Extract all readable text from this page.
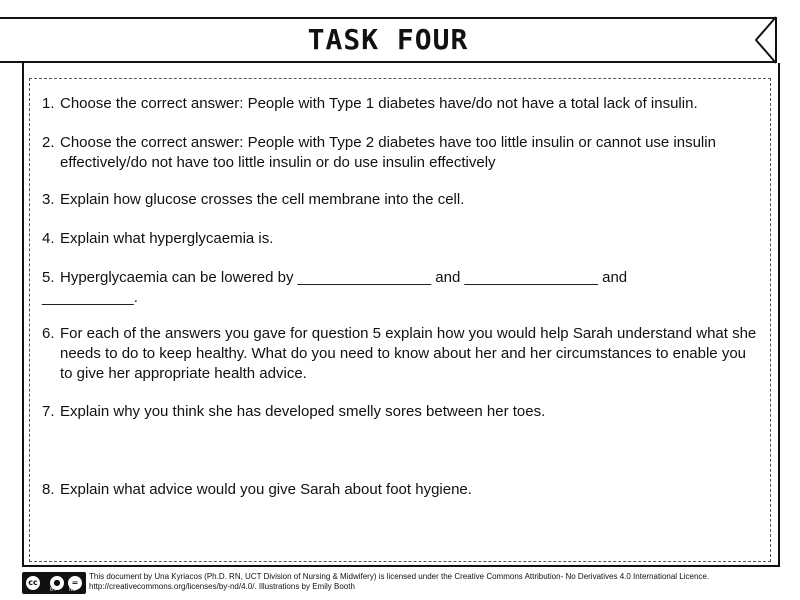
TASK FOUR
1. Choose the correct answer: People with Type 1 diabetes have/do not have a total lack of insulin.
2. Choose the correct answer: People with Type 2 diabetes have too little insulin or cannot use insulin effectively/do not have too little insulin or do use insulin effectively
3. Explain how glucose crosses the cell membrane into the cell.
4. Explain what hyperglycaemia is.
5. Hyperglycaemia can be lowered by ________________ and ________________ and ___________.
6. For each of the answers you gave for question 5 explain how you would help Sarah understand what she needs to do to keep healthy. What do you need to know about her and her circumstances to enable you to give her appropriate health advice.
7. Explain why you think she has developed smelly sores between her toes.
8. Explain what advice would you give Sarah about foot hygiene.
cc	●	=
BY ND
This document by Una Kyriacos (Ph.D. RN, UCT Division of Nursing & Midwifery) is licensed under the Creative Commons Attribution- No Derivatives 4.0 International Licence.
http://creativecommons.org/licenses/by-nd/4.0/. Illustrations by Emily Booth
